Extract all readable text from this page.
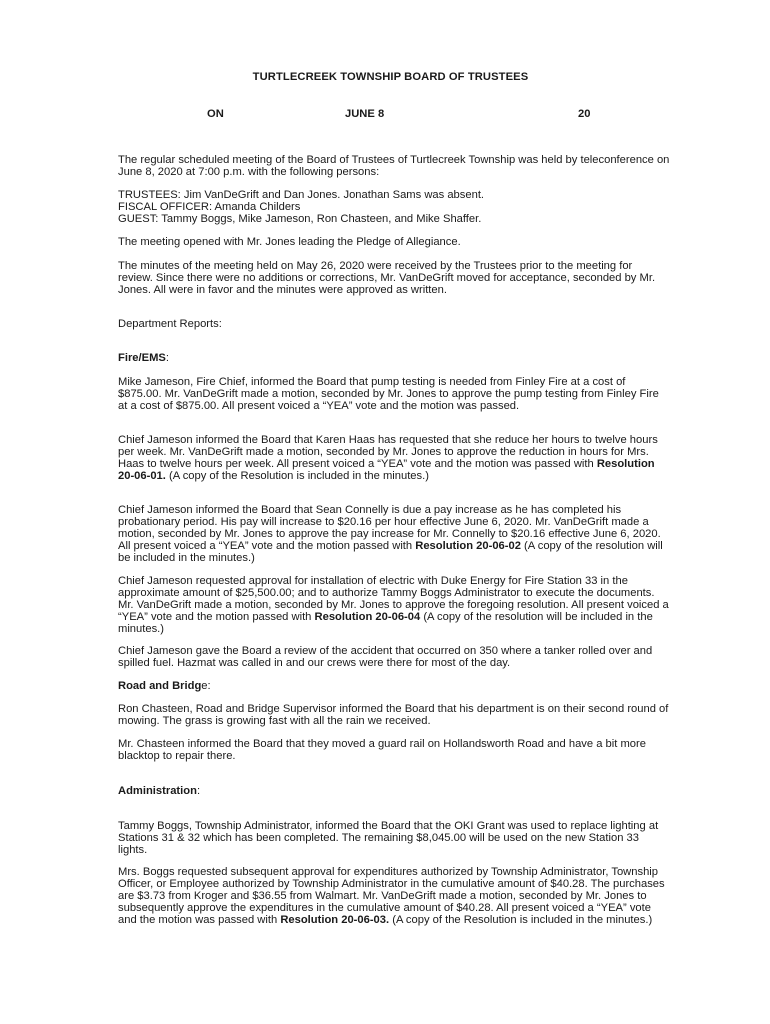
TURTLECREEK TOWNSHIP BOARD OF TRUSTEES
ON	JUNE 8	20

The regular scheduled meeting of the Board of Trustees of Turtlecreek Township was held by teleconference on June 8, 2020 at 7:00 p.m. with the following persons:

TRUSTEES: Jim VanDeGrift and Dan Jones. Jonathan Sams was absent.

FISCAL OFFICER: Amanda Childers

GUEST: Tammy Boggs, Mike Jameson, Ron Chasteen, and Mike Shaffer.

The meeting opened with Mr. Jones leading the Pledge of Allegiance.

The minutes of the meeting held on May 26, 2020 were received by the Trustees prior to the meeting for review. Since there were no additions or corrections, Mr. VanDeGrift moved for acceptance, seconded by Mr. Jones. All were in favor and the minutes were approved as written.

Department Reports:

Fire/EMS:

Mike Jameson, Fire Chief, informed the Board that pump testing is needed from Finley Fire at a cost of $875.00. Mr. VanDeGrift made a motion, seconded by Mr. Jones to approve the pump testing from Finley Fire at a cost of $875.00. All present voiced a “YEA” vote and the motion was passed.

Chief Jameson informed the Board that Karen Haas has requested that she reduce her hours to twelve hours per week. Mr. VanDeGrift made a motion, seconded by Mr. Jones to approve the reduction in hours for Mrs. Haas to twelve hours per week. All present voiced a “YEA” vote and the motion was passed with Resolution 20-06-01. (A copy of the Resolution is included in the minutes.)

Chief Jameson informed the Board that Sean Connelly is due a pay increase as he has completed his probationary period. His pay will increase to $20.16 per hour effective June 6, 2020. Mr. VanDeGrift made a motion, seconded by Mr. Jones to approve the pay increase for Mr. Connelly to $20.16 effective June 6, 2020. All present voiced a “YEA” vote and the motion passed with Resolution 20-06-02 (A copy of the resolution will be included in the minutes.)

Chief Jameson requested approval for installation of electric with Duke Energy for Fire Station 33 in the approximate amount of $25,500.00; and to authorize Tammy Boggs Administrator to execute the documents. Mr. VanDeGrift made a motion, seconded by Mr. Jones to approve the foregoing resolution. All present voiced a “YEA” vote and the motion passed with Resolution 20-06-04 (A copy of the resolution will be included in the minutes.)

Chief Jameson gave the Board a review of the accident that occurred on 350 where a tanker rolled over and spilled fuel. Hazmat was called in and our crews were there for most of the day.

Road and Bridge:

Ron Chasteen, Road and Bridge Supervisor informed the Board that his department is on their second round of mowing. The grass is growing fast with all the rain we received.

Mr. Chasteen informed the Board that they moved a guard rail on Hollandsworth Road and have a bit more blacktop to repair there.

Administration:

Tammy Boggs, Township Administrator, informed the Board that the OKI Grant was used to replace lighting at Stations 31 & 32 which has been completed. The remaining $8,045.00 will be used on the new Station 33 lights.

Mrs. Boggs requested subsequent approval for expenditures authorized by Township Administrator, Township Officer, or Employee authorized by Township Administrator in the cumulative amount of $40.28. The purchases are $3.73 from Kroger and $36.55 from Walmart. Mr. VanDeGrift made a motion, seconded by Mr. Jones to subsequently approve the expenditures in the cumulative amount of $40.28. All present voiced a “YEA” vote and the motion was passed with Resolution 20-06-03. (A copy of the Resolution is included in the minutes.)
